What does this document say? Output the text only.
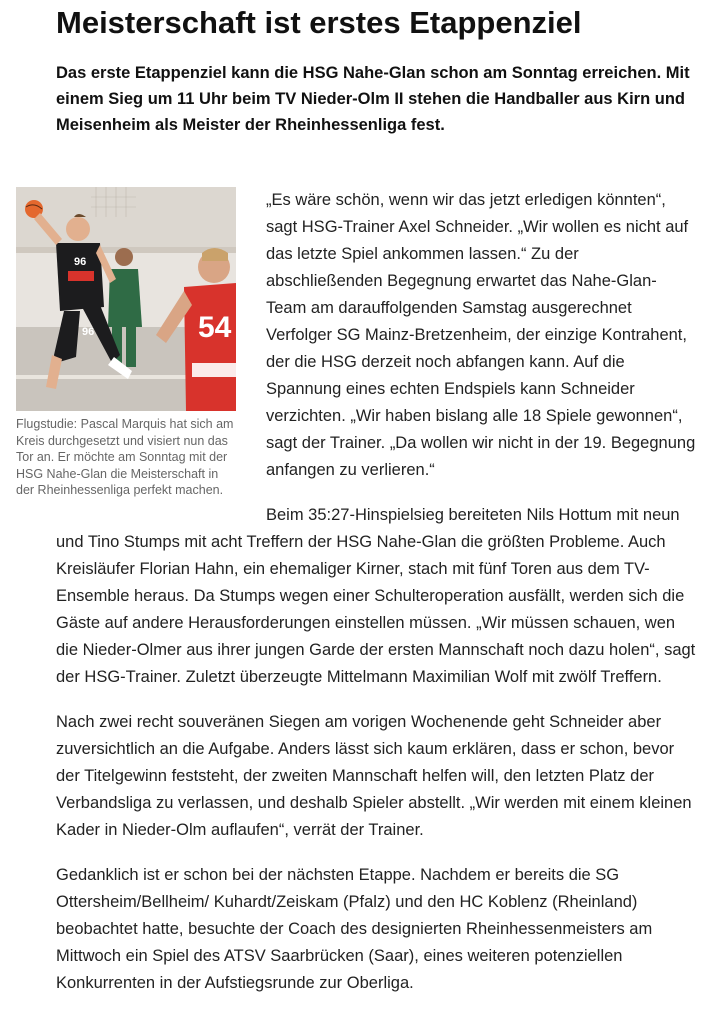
Meisterschaft ist erstes Etappenziel

Das erste Etappenziel kann die HSG Nahe-Glan schon am Sonntag erreichen. Mit einem Sieg um 11 Uhr beim TV Nieder-Olm II stehen die Handballer aus Kirn und Meisenheim als Meister der Rheinhessenliga fest.

96
96	54
Flugstudie: Pascal Marquis hat sich am Kreis durchgesetzt und visiert nun das Tor an. Er möchte am Sonntag mit der HSG Nahe-Glan die Meisterschaft in der Rheinhessenliga perfekt machen.

„Es wäre schön, wenn wir das jetzt erledigen könnten“, sagt HSG-Trainer Axel Schneider. „Wir wollen es nicht auf das letzte Spiel ankommen lassen.“ Zu der abschließenden Begegnung erwartet das Nahe-Glan-Team am darauffolgenden Samstag ausgerechnet Verfolger SG Mainz-Bretzenheim, der einzige Kontrahent, der die HSG derzeit noch abfangen kann. Auf die Spannung eines echten Endspiels kann Schneider verzichten. „Wir haben bislang alle 18 Spiele gewonnen“, sagt der Trainer. „Da wollen wir nicht in der 19. Begegnung anfangen zu verlieren.“

Beim 35:27-Hinspielsieg bereiteten Nils Hottum mit neun und Tino Stumps mit acht Treffern der HSG Nahe-Glan die größten Probleme. Auch Kreisläufer Florian Hahn, ein ehemaliger Kirner, stach mit fünf Toren aus dem TV-Ensemble heraus. Da Stumps wegen einer Schulteroperation ausfällt, werden sich die Gäste auf andere Herausforderungen einstellen müssen. „Wir müssen schauen, wen die Nieder-Olmer aus ihrer jungen Garde der ersten Mannschaft noch dazu holen“, sagt der HSG-Trainer. Zuletzt überzeugte Mittelmann Maximilian Wolf mit zwölf Treffern.

Nach zwei recht souveränen Siegen am vorigen Wochenende geht Schneider aber zuversichtlich an die Aufgabe. Anders lässt sich kaum erklären, dass er schon, bevor der Titelgewinn feststeht, der zweiten Mannschaft helfen will, den letzten Platz der Verbandsliga zu verlassen, und deshalb Spieler abstellt. „Wir werden mit einem kleinen Kader in Nieder-Olm auflaufen“, verrät der Trainer.

Gedanklich ist er schon bei der nächsten Etappe. Nachdem er bereits die SG Ottersheim/Bellheim/ Kuhardt/Zeiskam (Pfalz) und den HC Koblenz (Rheinland) beobachtet hatte, besuchte der Coach des designierten Rheinhessenmeisters am Mittwoch ein Spiel des ATSV Saarbrücken (Saar), eines weiteren potenziellen Konkurrenten in der Aufstiegsrunde zur Oberliga.
